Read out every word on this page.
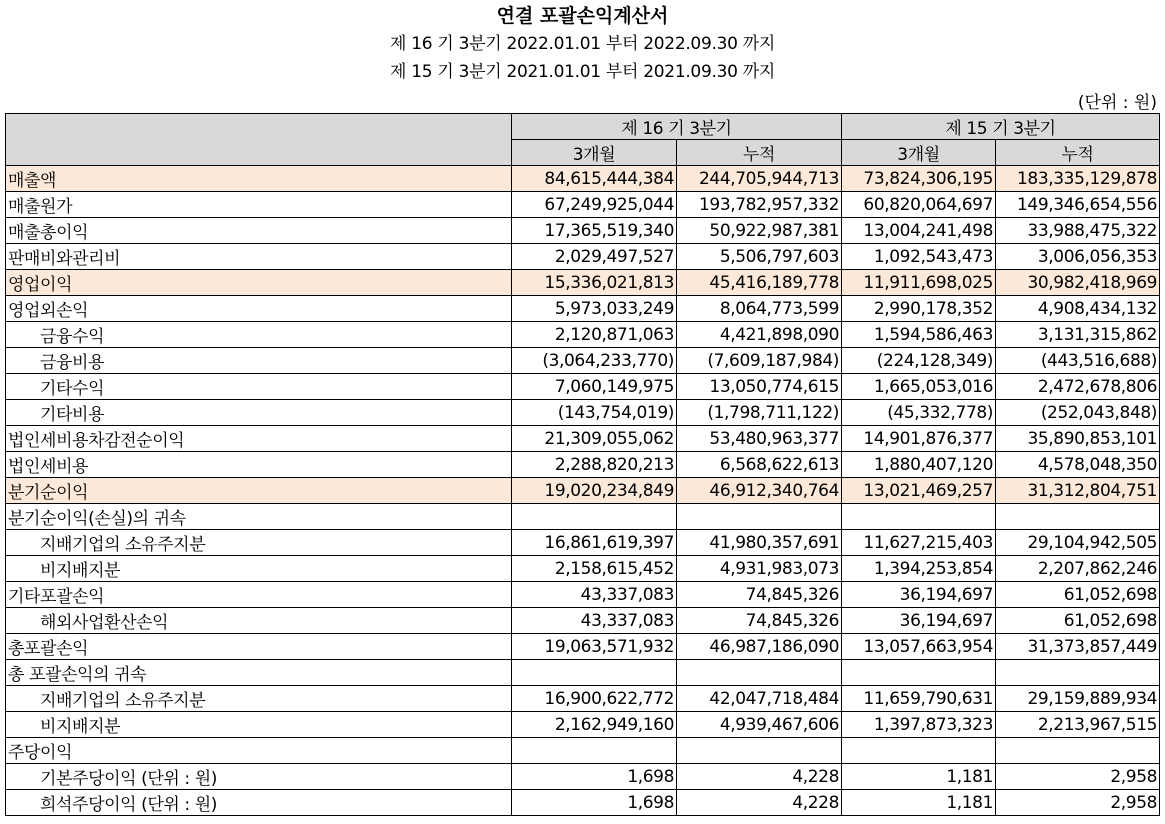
연결 포괄손익계산서
제 16 기 3분기 2022.01.01 부터 2022.09.30 까지
제 15 기 3분기 2021.01.01 부터 2021.09.30 까지
(단위 : 원)
	제 16 기 3분기		제 15 기 3분기	
	3개월	누적	3개월	누적
매출액	84,615,444,384	244,705,944,713	73,824,306,195	183,335,129,878
매출원가	67,249,925,044	193,782,957,332	60,820,064,697	149,346,654,556
매출총이익	17,365,519,340	50,922,987,381	13,004,241,498	33,988,475,322
판매비와관리비	2,029,497,527	5,506,797,603	1,092,543,473	3,006,056,353
영업이익	15,336,021,813	45,416,189,778	11,911,698,025	30,982,418,969
영업외손익	5,973,033,249	8,064,773,599	2,990,178,352	4,908,434,132
금융수익	2,120,871,063	4,421,898,090	1,594,586,463	3,131,315,862
금융비용	(3,064,233,770)	(7,609,187,984)	(224,128,349)	(443,516,688)
기타수익	7,060,149,975	13,050,774,615	1,665,053,016	2,472,678,806
기타비용	(143,754,019)	(1,798,711,122)	(45,332,778)	(252,043,848)
법인세비용차감전순이익	21,309,055,062	53,480,963,377	14,901,876,377	35,890,853,101
법인세비용	2,288,820,213	6,568,622,613	1,880,407,120	4,578,048,350
분기순이익	19,020,234,849	46,912,340,764	13,021,469,257	31,312,804,751
분기순이익(손실)의 귀속				
지배기업의 소유주지분	16,861,619,397	41,980,357,691	11,627,215,403	29,104,942,505
비지배지분	2,158,615,452	4,931,983,073	1,394,253,854	2,207,862,246
기타포괄손익	43,337,083	74,845,326	36,194,697	61,052,698
해외사업환산손익	43,337,083	74,845,326	36,194,697	61,052,698
총포괄손익	19,063,571,932	46,987,186,090	13,057,663,954	31,373,857,449
총 포괄손익의 귀속				
지배기업의 소유주지분	16,900,622,772	42,047,718,484	11,659,790,631	29,159,889,934
비지배지분	2,162,949,160	4,939,467,606	1,397,873,323	2,213,967,515
주당이익				
기본주당이익 (단위 : 원)	1,698	4,228	1,181	2,958
희석주당이익 (단위 : 원)	1,698	4,228	1,181	2,958
